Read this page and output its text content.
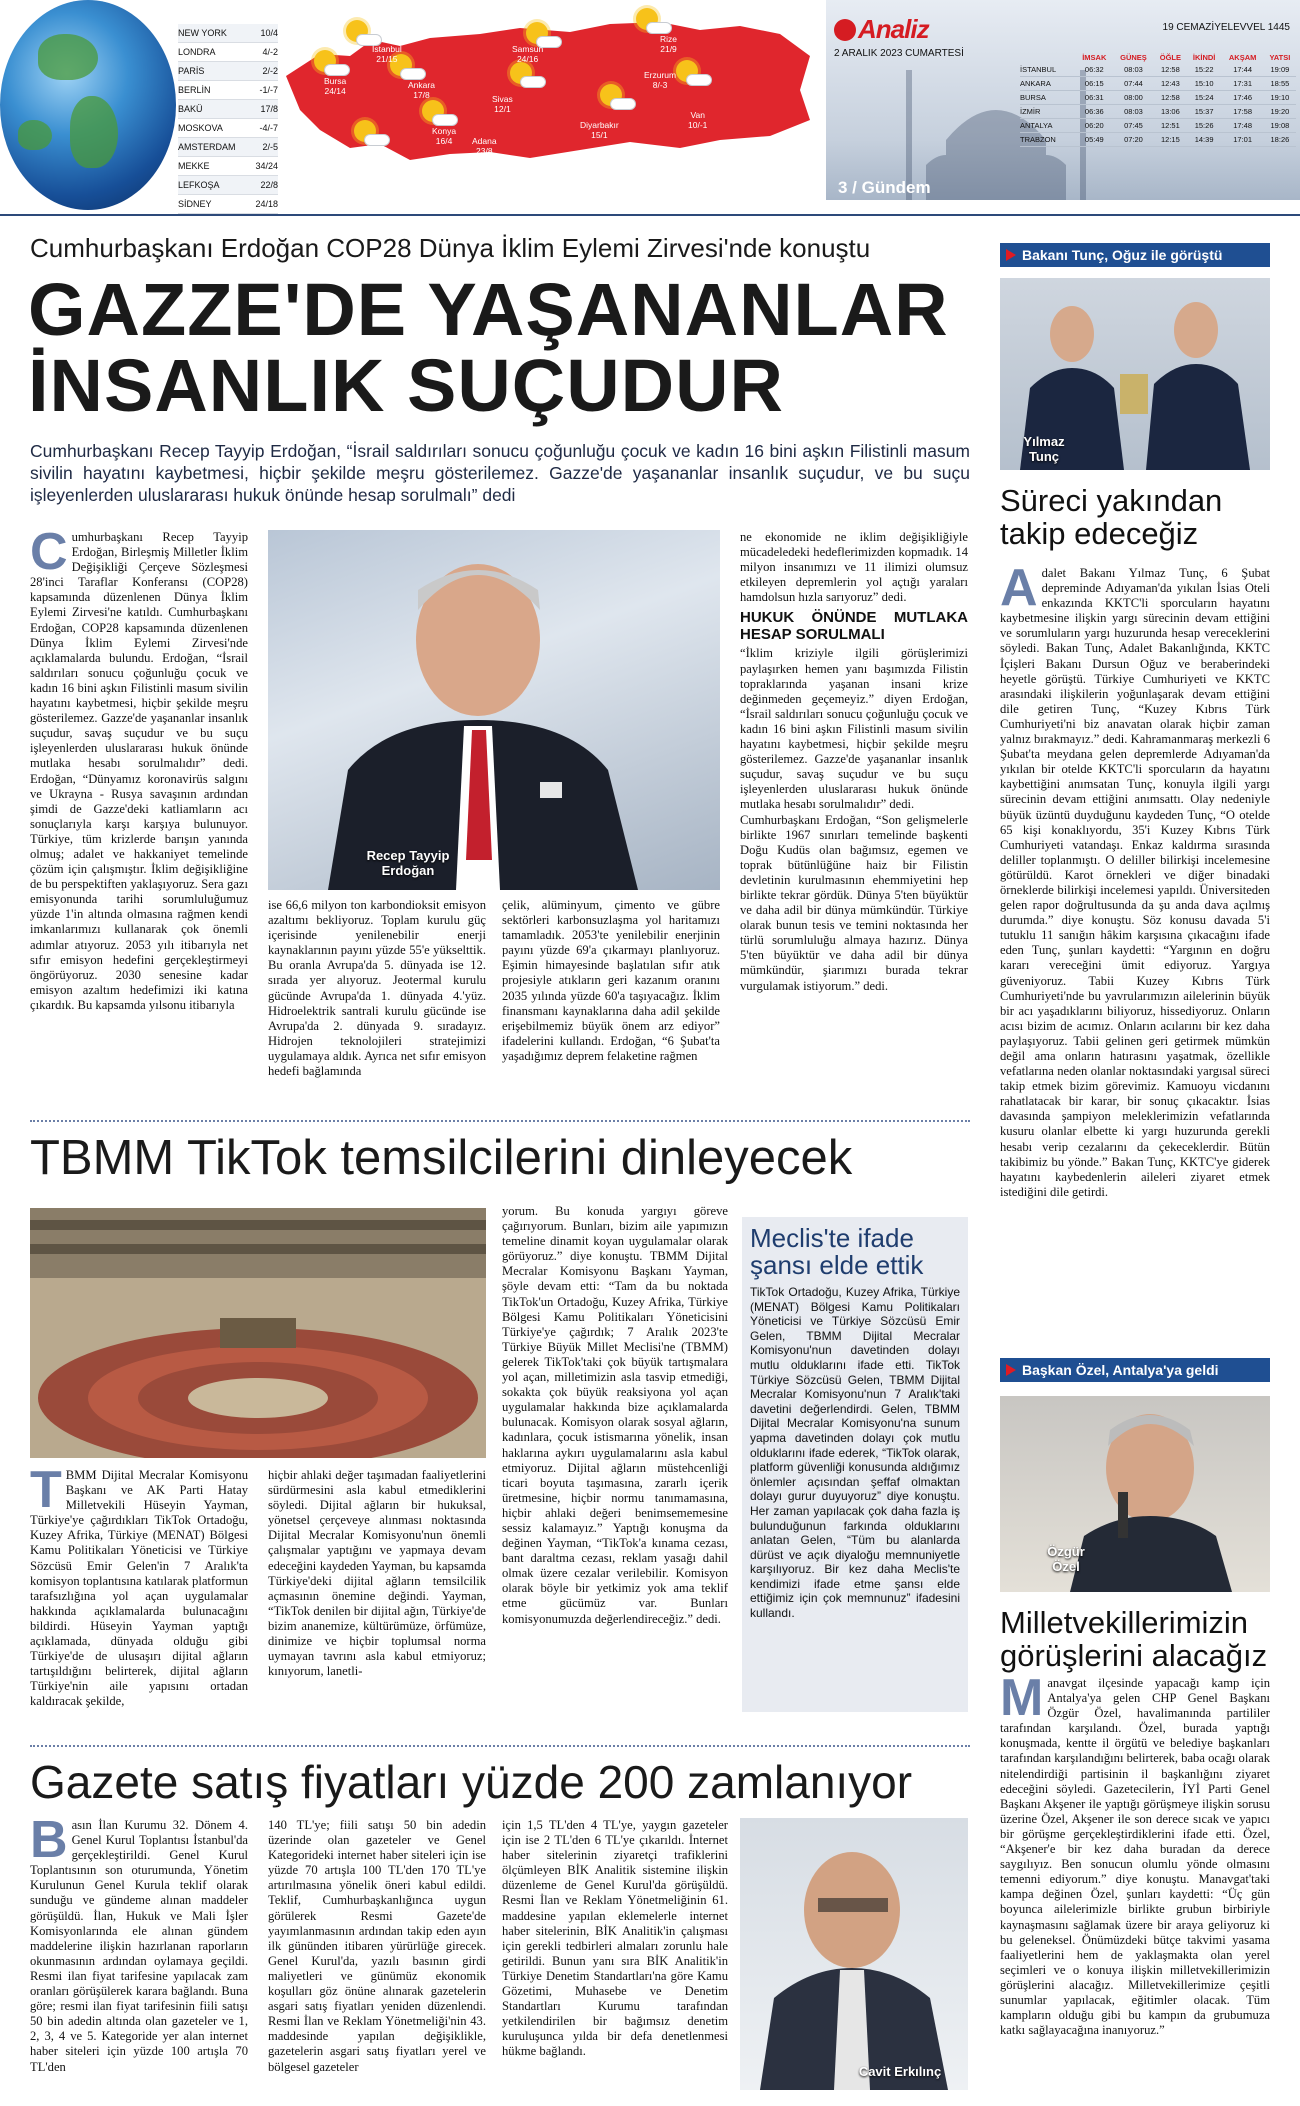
NEW YORK	10/4
LONDRA	4/-2
PARİS	2/-2
BERLİN	-1/-7
BAKÜ	17/8
MOSKOVA	-4/-7
AMSTERDAM	2/-5
MEKKE	34/24
LEFKOŞA	22/8
SİDNEY	24/18
İstanbul
21/15
Bursa
24/14
Ankara
17/8
İzmir
23/15	Konya
16/4
Antalya
22/13
Samsun
24/16
Sivas
12/1
Adana
23/8
Rize
21/9
Erzurum
8/-3
Diyarbakır
15/1
Van
10/-1
Analiz
2 ARALIK 2023 CUMARTESİ
19 CEMAZİYELEVVEL 1445
	İMSAK	GÜNEŞ	ÖĞLE	İKİNDİ	AKŞAM	YATSI
İSTANBUL	06:32	08:03	12:58	15:22	17:44	19:09
ANKARA	06:15	07:44	12:43	15:10	17:31	18:55
BURSA	06:31	08:00	12:58	15:24	17:46	19:10
İZMİR	06:36	08:03	13:06	15:37	17:58	19:20
ANTALYA	06:20	07:45	12:51	15:26	17:48	19:08
TRABZON	05:49	07:20	12:15	14:39	17:01	18:26
3 / Gündem
Cumhurbaşkanı Erdoğan COP28 Dünya İklim Eylemi Zirvesi'nde konuştu
GAZZE'DE YAŞANANLAR
İNSANLIK SUÇUDUR
Cumhurbaşkanı Recep Tayyip Erdoğan, “İsrail saldırıları sonucu çoğunluğu çocuk ve kadın 16 bini aşkın Filistinli masum sivilin hayatını kaybetmesi, hiçbir şekilde meşru gösterilemez. Gazze'de yaşananlar insanlık suçudur, ve bu suçu işleyenlerden uluslararası hukuk önünde hesap sorulmalı” dedi
Cumhurbaşkanı Recep Tayyip Erdoğan, Birleşmiş Milletler İklim Değişikliği Çerçeve Sözleşmesi 28'inci Taraflar Konferansı (COP28) kapsamında düzenlenen Dünya İklim Eylemi Zirvesi'ne katıldı. Cumhurbaşkanı Erdoğan, COP28 kapsamında düzenlenen Dünya İklim Eylemi Zirvesi'nde açıklamalarda bulundu. Erdoğan, “İsrail saldırıları sonucu çoğunluğu çocuk ve kadın 16 bini aşkın Filistinli masum sivilin hayatını kaybetmesi, hiçbir şekilde meşru gösterilemez. Gazze'de yaşananlar insanlık suçudur, savaş suçudur ve bu suçu işleyenlerden uluslararası hukuk önünde mutlaka hesabı sorulmalıdır” dedi. Erdoğan, “Dünyamız koronavirüs salgını ve Ukrayna - Rusya savaşının ardından şimdi de Gazze'deki katliamların acı sonuçlarıyla karşı karşıya bulunuyor. Türkiye, tüm krizlerde barışın yanında olmuş; adalet ve hakkaniyet temelinde çözüm için çalışmıştır. İklim değişikliğine de bu perspektiften yaklaşıyoruz. Sera gazı emisyonunda tarihi sorumluluğumuz yüzde 1'in altında olmasına rağmen kendi imkanlarımızı kullanarak çok önemli adımlar atıyoruz. 2053 yılı itibarıyla net sıfır emisyon hedefini gerçekleştirmeyi öngörüyoruz. 2030 senesine kadar emisyon azaltım hedefimizi iki katına çıkardık. Bu kapsamda yılsonu itibarıyla
Recep Tayyip Erdoğan
ise 66,6 milyon ton karbondioksit emisyon azaltımı bekliyoruz. Toplam kurulu güç içerisinde yenilenebilir enerji kaynaklarının payını yüzde 55'e yükselttik. Bu oranla Avrupa'da 5. dünyada ise 12. sırada yer alıyoruz. Jeotermal kurulu gücünde Avrupa'da 1. dünyada 4.'yüz. Hidroelektrik santrali kurulu gücünde ise Avrupa'da 2. dünyada 9. sıradayız. Hidrojen teknolojileri stratejimizi uygulamaya aldık. Ayrıca net sıfır emisyon hedefi bağlamında
çelik, alüminyum, çimento ve gübre sektörleri karbonsuzlaşma yol haritamızı tamamladık. 2053'te yenilebilir enerjinin payını yüzde 69'a çıkarmayı planlıyoruz. Eşimin himayesinde başlatılan sıfır atık projesiyle atıkların geri kazanım oranını 2035 yılında yüzde 60'a taşıyacağız. İklim finansmanı kaynaklarına daha adil şekilde erişebilmemiz büyük önem arz ediyor” ifadelerini kullandı. Erdoğan, “6 Şubat'ta yaşadığımız deprem felaketine rağmen

ne ekonomide ne iklim değişikliğiyle mücadeledeki hedeflerimizden kopmadık. 14 milyon insanımızı ve 11 ilimizi olumsuz etkileyen depremlerin yol açtığı yaraları hamdolsun hızla sarıyoruz” dedi.

HUKUK ÖNÜNDE MUTLAKA HESAP SORULMALI

“İklim kriziyle ilgili görüşlerimizi paylaşırken hemen yanı başımızda Filistin topraklarında yaşanan insani krize değinmeden geçemeyiz.” diyen Erdoğan, “İsrail saldırıları sonucu çoğunluğu çocuk ve kadın 16 bini aşkın Filistinli masum sivilin hayatını kaybetmesi, hiçbir şekilde meşru gösterilemez. Gazze'de yaşananlar insanlık suçudur, savaş suçudur ve bu suçu işleyenlerden uluslararası hukuk önünde mutlaka hesabı sorulmalıdır” dedi.

Cumhurbaşkanı Erdoğan, “Son gelişmelerle birlikte 1967 sınırları temelinde başkenti Doğu Kudüs olan bağımsız, egemen ve toprak bütünlüğüne haiz bir Filistin devletinin kurulmasının ehemmiyetini hep birlikte tekrar gördük. Dünya 5'ten büyüktür ve daha adil bir dünya mümkündür. Türkiye olarak bunun tesis ve temini noktasında her türlü sorumluluğu almaya hazırız. Dünya 5'ten büyüktür ve daha adil bir dünya mümkündür, şiarımızı burada tekrar vurgulamak istiyorum.” dedi.

TBMM TikTok temsilcilerini dinleyecek
TBMM Dijital Mecralar Komisyonu Başkanı ve AK Parti Hatay Milletvekili Hüseyin Yayman, Türkiye'ye çağırdıkları TikTok Ortadoğu, Kuzey Afrika, Türkiye (MENAT) Bölgesi Kamu Politikaları Yöneticisi ve Türkiye Sözcüsü Emir Gelen'in 7 Aralık'ta komisyon toplantısına katılarak platformun tarafsızlığına yol açan uygulamalar hakkında açıklamalarda bulunacağını bildirdi. Hüseyin Yayman yaptığı açıklamada, dünyada olduğu gibi Türkiye'de de ulusaşırı dijital ağların tartışıldığını belirterek, dijital ağların Türkiye'nin aile yapısını ortadan kaldıracak şekilde,
hiçbir ahlaki değer taşımadan faaliyetlerini sürdürmesini asla kabul etmediklerini söyledi. Dijital ağların bir hukuksal, yönetsel çerçeveye alınması noktasında Dijital Mecralar Komisyonu'nun önemli çalışmalar yaptığını ve yapmaya devam edeceğini kaydeden Yayman, bu kapsamda Türkiye'deki dijital ağların temsilcilik açmasının önemine değindi. Yayman, “TikTok denilen bir dijital ağın, Türkiye'de bizim ananemize, kültürümüze, örfümüze, dinimize ve hiçbir toplumsal norma uymayan tavrını asla kabul etmiyoruz; kınıyorum, lanetli-
yorum. Bu konuda yargıyı göreve çağırıyorum. Bunları, bizim aile yapımızın temeline dinamit koyan uygulamalar olarak görüyoruz.” diye konuştu. TBMM Dijital Mecralar Komisyonu Başkanı Yayman, şöyle devam etti: “Tam da bu noktada TikTok'un Ortadoğu, Kuzey Afrika, Türkiye Bölgesi Kamu Politikaları Yöneticisini Türkiye'ye çağırdık; 7 Aralık 2023'te Türkiye Büyük Millet Meclisi'ne (TBMM) gelerek TikTok'taki çok büyük tartışmalara yol açan, milletimizin asla tasvip etmediği, sokakta çok büyük reaksiyona yol açan uygulamalar hakkında bize açıklamalarda bulunacak. Komisyon olarak sosyal ağların, kadınlara, çocuk istismarına yönelik, insan haklarına aykırı uygulamalarını asla kabul etmiyoruz. Dijital ağların müstehcenliği ticari boyuta taşımasına, zararlı içerik üretmesine, hiçbir normu tanımamasına, hiçbir ahlaki değeri benimsememesine sessiz kalamayız.” Yaptığı konuşma da değinen Yayman, “TikTok'a kınama cezası, bant daraltma cezası, reklam yasağı dahil olmak üzere cezalar verilebilir. Komisyon olarak böyle bir yetkimiz yok ama teklif etme gücümüz var. Bunları komisyonumuzda değerlendireceğiz.” dedi.
Meclis'te ifade şansı elde ettik
TikTok Ortadoğu, Kuzey Afrika, Türkiye (MENAT) Bölgesi Kamu Politikaları Yöneticisi ve Türkiye Sözcüsü Emir Gelen, TBMM Dijital Mecralar Komisyonu'nun davetinden dolayı mutlu olduklarını ifade etti. TikTok Türkiye Sözcüsü Gelen, TBMM Dijital Mecralar Komisyonu'nun 7 Aralık'taki davetini değerlendirdi. Gelen, TBMM Dijital Mecralar Komisyonu'na sunum yapma davetinden dolayı çok mutlu olduklarını ifade ederek, “TikTok olarak, platform güvenliği konusunda aldığımız önlemler açısından şeffaf olmaktan dolayı gurur duyuyoruz” diye konuştu. Her zaman yapılacak çok daha fazla iş bulunduğunun farkında olduklarını anlatan Gelen, “Tüm bu alanlarda dürüst ve açık diyaloğu memnuniyetle karşılıyoruz. Bir kez daha Meclis'te kendimizi ifade etme şansı elde ettiğimiz için çok memnunuz” ifadesini kullandı.
Gazete satış fiyatları yüzde 200 zamlanıyor
Basın İlan Kurumu 32. Dönem 4. Genel Kurul Toplantısı İstanbul'da gerçekleştirildi. Genel Kurul Toplantısının son oturumunda, Yönetim Kurulunun Genel Kurula teklif olarak sunduğu ve gündeme alınan maddeler görüşüldü. İlan, Hukuk ve Mali İşler Komisyonlarında ele alınan gündem maddelerine ilişkin hazırlanan raporların okunmasının ardından oylamaya geçildi. Resmi ilan fiyat tarifesine yapılacak zam oranları görüşülerek karara bağlandı. Buna göre; resmi ilan fiyat tarifesinin fiili satışı 50 bin adedin altında olan gazeteler ve 1, 2, 3, 4 ve 5. Kategoride yer alan internet haber siteleri için yüzde 100 artışla 70 TL'den
140 TL'ye; fiili satışı 50 bin adedin üzerinde olan gazeteler ve Genel Kategorideki internet haber siteleri için ise yüzde 70 artışla 100 TL'den 170 TL'ye artırılmasına yönelik öneri kabul edildi. Teklif, Cumhurbaşkanlığınca uygun görülerek Resmi Gazete'de yayımlanmasının ardından takip eden ayın ilk gününden itibaren yürürlüğe girecek. Genel Kurul'da, yazılı basının girdi maliyetleri ve günümüz ekonomik koşulları göz önüne alınarak gazetelerin asgari satış fiyatları yeniden düzenlendi. Resmi İlan ve Reklam Yönetmeliği'nin 43. maddesinde yapılan değişiklikle, gazetelerin asgari satış fiyatları yerel ve bölgesel gazeteler
için 1,5 TL'den 4 TL'ye, yaygın gazeteler için ise 2 TL'den 6 TL'ye çıkarıldı. İnternet haber sitelerinin ziyaretçi trafiklerini ölçümleyen BİK Analitik sistemine ilişkin düzenleme de Genel Kurul'da görüşüldü. Resmi İlan ve Reklam Yönetmeliğinin 61. maddesine yapılan eklemelerle internet haber sitelerinin, BİK Analitik'in çalışması için gerekli tedbirleri almaları zorunlu hale getirildi. Bunun yanı sıra BİK Analitik'in Türkiye Denetim Standartları'na göre Kamu Gözetimi, Muhasebe ve Denetim Standartları Kurumu tarafından yetkilendirilen bir bağımsız denetim kuruluşunca yılda bir defa denetlenmesi hükme bağlandı.
Cavit Erkılınç
Bakanı Tunç, Oğuz ile görüştü
Yılmaz Tunç
Süreci yakından takip edeceğiz
Adalet Bakanı Yılmaz Tunç, 6 Şubat depreminde Adıyaman'da yıkılan İsias Oteli enkazında KKTC'li sporcuların hayatını kaybetmesine ilişkin yargı sürecinin devam ettiğini ve sorumluların yargı huzurunda hesap vereceklerini söyledi. Bakan Tunç, Adalet Bakanlığında, KKTC İçişleri Bakanı Dursun Oğuz ve beraberindeki heyetle görüştü. Türkiye Cumhuriyeti ve KKTC arasındaki ilişkilerin yoğunlaşarak devam ettiğini dile getiren Tunç, “Kuzey Kıbrıs Türk Cumhuriyeti'ni biz anavatan olarak hiçbir zaman yalnız bırakmayız.” dedi. Kahramanmaraş merkezli 6 Şubat'ta meydana gelen depremlerde Adıyaman'da yıkılan bir otelde KKTC'li sporcuların da hayatını kaybettiğini anımsatan Tunç, konuyla ilgili yargı sürecinin devam ettiğini anımsattı. Olay nedeniyle büyük üzüntü duyduğunu kaydeden Tunç, “O otelde 65 kişi konaklıyordu, 35'i Kuzey Kıbrıs Türk Cumhuriyeti vatandaşı. Enkaz kaldırma sırasında deliller toplanmıştı. O deliller bilirkişi incelemesine götürüldü. Karot örnekleri ve diğer binadaki örneklerde bilirkişi incelemesi yapıldı. Üniversiteden gelen rapor doğrultusunda da şu anda dava açılmış durumda.” diye konuştu. Söz konusu davada 5'i tutuklu 11 sanığın hâkim karşısına çıkacağını ifade eden Tunç, şunları kaydetti: “Yargının en doğru kararı vereceğini ümit ediyoruz. Yargıya güveniyoruz. Tabii Kuzey Kıbrıs Türk Cumhuriyeti'nde bu yavrularımızın ailelerinin büyük bir acı yaşadıklarını biliyoruz, hissediyoruz. Onların acısı bizim de acımız. Onların acılarını bir kez daha paylaşıyoruz. Tabii gelinen geri getirmek mümkün değil ama onların hatırasını yaşatmak, özellikle vefatlarına neden olanlar noktasındaki yargısal süreci takip etmek bizim görevimiz. Kamuoyu vicdanını rahatlatacak bir karar, bir sonuç çıkacaktır. İsias davasında şampiyon meleklerimizin vefatlarında kusuru olanlar elbette ki yargı huzurunda gerekli hesabı verip cezalarını da çekeceklerdir. Bütün takibimiz bu yönde.” Bakan Tunç, KKTC'ye giderek hayatını kaybedenlerin aileleri ziyaret etmek istediğini dile getirdi.
Başkan Özel, Antalya'ya geldi
Özgür Özel
Milletvekillerimizin görüşlerini alacağız
Manavgat ilçesinde yapacağı kamp için Antalya'ya gelen CHP Genel Başkanı Özgür Özel, havalimanında partililer tarafından karşılandı. Özel, burada yaptığı konuşmada, kentte il örgütü ve belediye başkanları tarafından karşılandığını belirterek, baba ocağı olarak nitelendirdiği partisinin il başkanlığını ziyaret edeceğini söyledi. Gazetecilerin, İYİ Parti Genel Başkanı Akşener ile yaptığı görüşmeye ilişkin sorusu üzerine Özel, Akşener ile son derece sıcak ve yapıcı bir görüşme gerçekleştirdiklerini ifade etti. Özel, “Akşener'e bir kez daha buradan da derece saygılıyız. Ben sonucun olumlu yönde olmasını temenni ediyorum.” diye konuştu. Manavgat'taki kampa değinen Özel, şunları kaydetti: “Üç gün boyunca ailelerimizle birlikte grubun birbiriyle kaynaşmasını sağlamak üzere bir araya geliyoruz ki bu geleneksel. Önümüzdeki bütçe takvimi yasama faaliyetlerini hem de yaklaşmakta olan yerel seçimleri ve o konuya ilişkin milletvekillerimizin görüşlerini alacağız. Milletvekillerimize çeşitli sunumlar yapılacak, eğitimler olacak. Tüm kampların olduğu gibi bu kampın da grubumuza katkı sağlayacağına inanıyoruz.”
